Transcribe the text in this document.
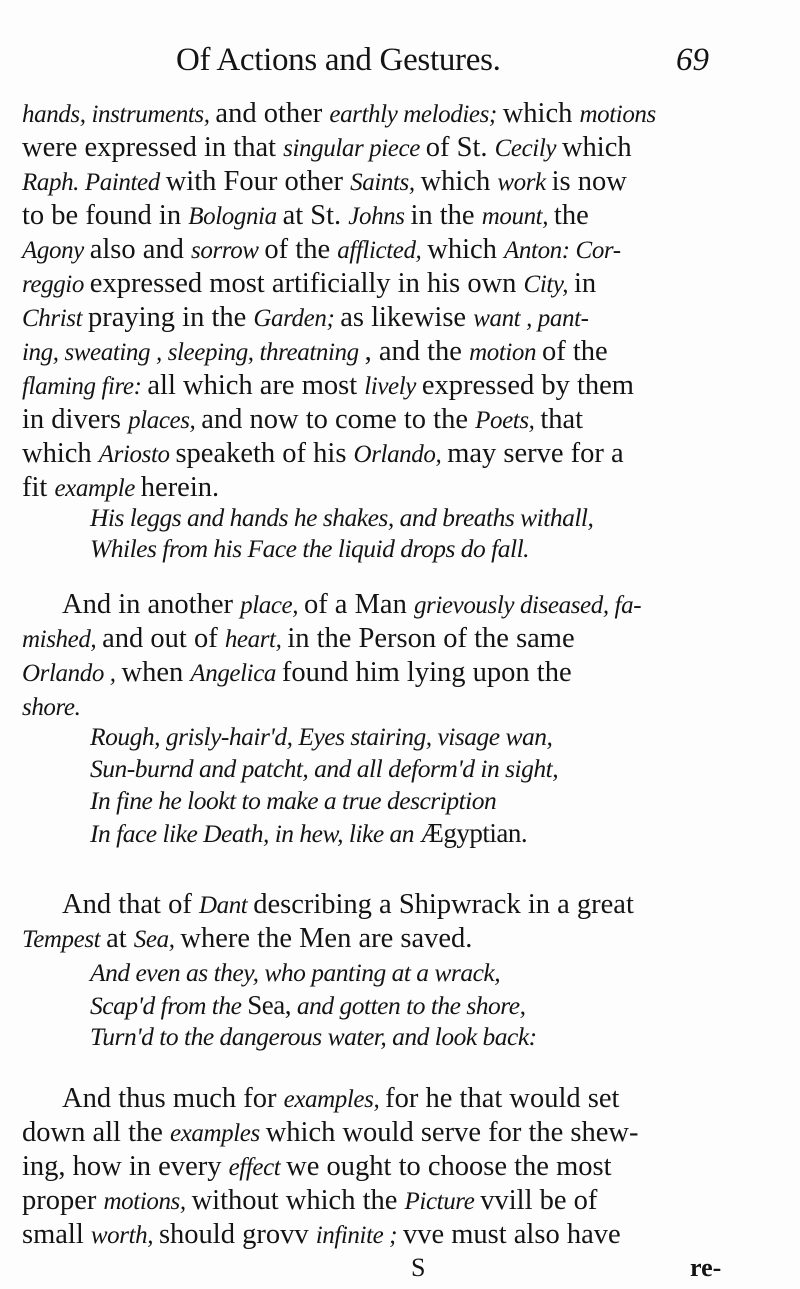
Of Actions and Gestures.	69
hands, instruments, and other earthly melodies; which motions
were expressed in that singular piece of St. Cecily which
Raph. Painted with Four other Saints, which work is now
to be found in Bolognia at St. Johns in the mount, the
Agony also and sorrow of the afflicted, which Anton: Cor-
reggio expressed most artificially in his own City, in
Christ praying in the Garden; as likewise want , pant-
ing, sweating , sleeping, threatning , and the motion of the
flaming fire: all which are most lively expressed by them
in divers places, and now to come to the Poets, that
which Ariosto speaketh of his Orlando, may serve for a
fit example herein.
And in another place, of a Man grievously diseased, fa-
mished, and out of heart, in the Person of the same
Orlando , when Angelica found him lying upon the
shore.
And that of Dant describing a Shipwrack in a great
Tempest at Sea, where the Men are saved.
And thus much for examples, for he that would set
down all the examples which would serve for the shew-
ing, how in every effect we ought to choose the most
proper motions, without which the Picture vvill be of
small worth, should grovv infinite ; vve must also have
His leggs and hands he shakes, and breaths withall,
Whiles from his Face the liquid drops do fall.
Rough, grisly-hair'd, Eyes stairing, visage wan,
Sun-burnd and patcht, and all deform'd in sight,
In fine he lookt to make a true description
In face like Death, in hew, like an Ægyptian.
And even as they, who panting at a wrack,
Scap'd from the Sea, and gotten to the shore,
Turn'd to the dangerous water, and look back:
S	re-
